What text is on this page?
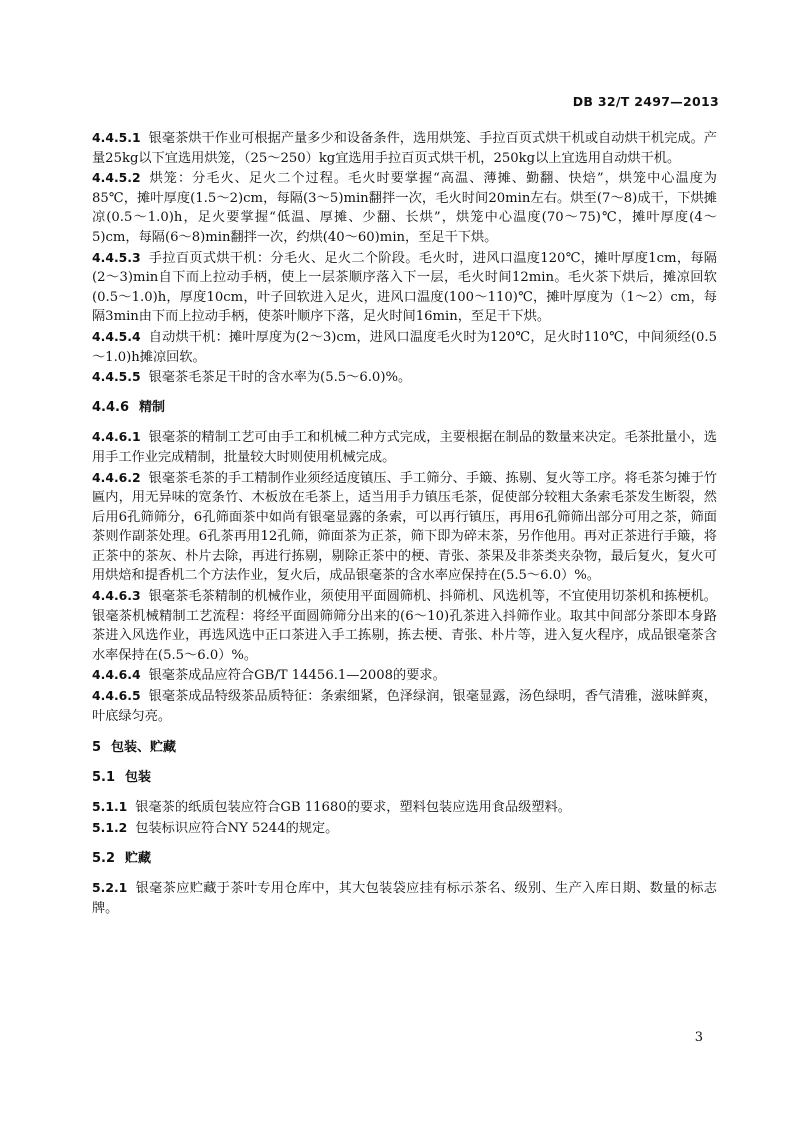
DB 32/T 2497—2013

4.4.5.1 银毫茶烘干作业可根据产量多少和设备条件，选用烘笼、手拉百页式烘干机或自动烘干机完成。产量25kg以下宜选用烘笼，（25～250）kg宜选用手拉百页式烘干机，250kg以上宜选用自动烘干机。

4.4.5.2 烘笼：分毛火、足火二个过程。毛火时要掌握“高温、薄摊、勤翻、快焙”，烘笼中心温度为85℃，摊叶厚度(1.5～2)cm，每隔(3～5)min翻拌一次，毛火时间20min左右。烘至(7～8)成干，下烘摊凉(0.5～1.0)h，足火要掌握“低温、厚摊、少翻、长烘”，烘笼中心温度(70～75)℃，摊叶厚度(4～5)cm，每隔(6～8)min翻拌一次，约烘(40～60)min，至足干下烘。

4.4.5.3 手拉百页式烘干机：分毛火、足火二个阶段。毛火时，进风口温度120℃，摊叶厚度1cm，每隔(2～3)min自下而上拉动手柄，使上一层茶顺序落入下一层，毛火时间12min。毛火茶下烘后，摊凉回软(0.5～1.0)h，厚度10cm，叶子回软进入足火，进风口温度(100～110)℃，摊叶厚度为（1～2）cm，每隔3min由下而上拉动手柄，使茶叶顺序下落，足火时间16min，至足干下烘。

4.4.5.4 自动烘干机：摊叶厚度为(2～3)cm，进风口温度毛火时为120℃，足火时110℃，中间须经(0.5～1.0)h摊凉回软。

4.4.5.5 银毫茶毛茶足干时的含水率为(5.5～6.0)%。

4.4.6 精制

4.4.6.1 银毫茶的精制工艺可由手工和机械二种方式完成，主要根据在制品的数量来决定。毛茶批量小，选用手工作业完成精制，批量较大时则使用机械完成。

4.4.6.2 银毫茶毛茶的手工精制作业须经适度镇压、手工筛分、手簸、拣剔、复火等工序。将毛茶匀摊于竹匾内，用无异味的宽条竹、木板放在毛茶上，适当用手力镇压毛茶，促使部分较粗大条索毛茶发生断裂，然后用6孔筛筛分，6孔筛面茶中如尚有银毫显露的条索，可以再行镇压，再用6孔筛筛出部分可用之茶，筛面茶则作副茶处理。6孔茶再用12孔筛，筛面茶为正茶，筛下即为碎末茶，另作他用。再对正茶进行手簸，将正茶中的茶灰、朴片去除，再进行拣剔，剔除正茶中的梗、青张、茶果及非茶类夹杂物，最后复火，复火可用烘焙和提香机二个方法作业，复火后，成品银毫茶的含水率应保持在(5.5～6.0）%。

4.4.6.3 银毫茶毛茶精制的机械作业，须使用平面圆筛机、抖筛机、风选机等，不宜使用切茶机和拣梗机。银毫茶机械精制工艺流程：将经平面圆筛筛分出来的(6～10)孔茶进入抖筛作业。取其中间部分茶即本身路茶进入风选作业，再选风选中正口茶进入手工拣剔，拣去梗、青张、朴片等，进入复火程序，成品银毫茶含水率保持在(5.5～6.0）%。

4.4.6.4 银毫茶成品应符合GB/T 14456.1—2008的要求。

4.4.6.5 银毫茶成品特级茶品质特征：条索细紧，色泽绿润，银毫显露，汤色绿明，香气清雅，滋味鲜爽，叶底绿匀亮。

5 包装、贮藏

5.1 包装

5.1.1 银毫茶的纸质包装应符合GB 11680的要求，塑料包装应选用食品级塑料。

5.1.2 包装标识应符合NY 5244的规定。

5.2 贮藏

5.2.1 银毫茶应贮藏于茶叶专用仓库中，其大包装袋应挂有标示茶名、级别、生产入库日期、数量的标志牌。

3
